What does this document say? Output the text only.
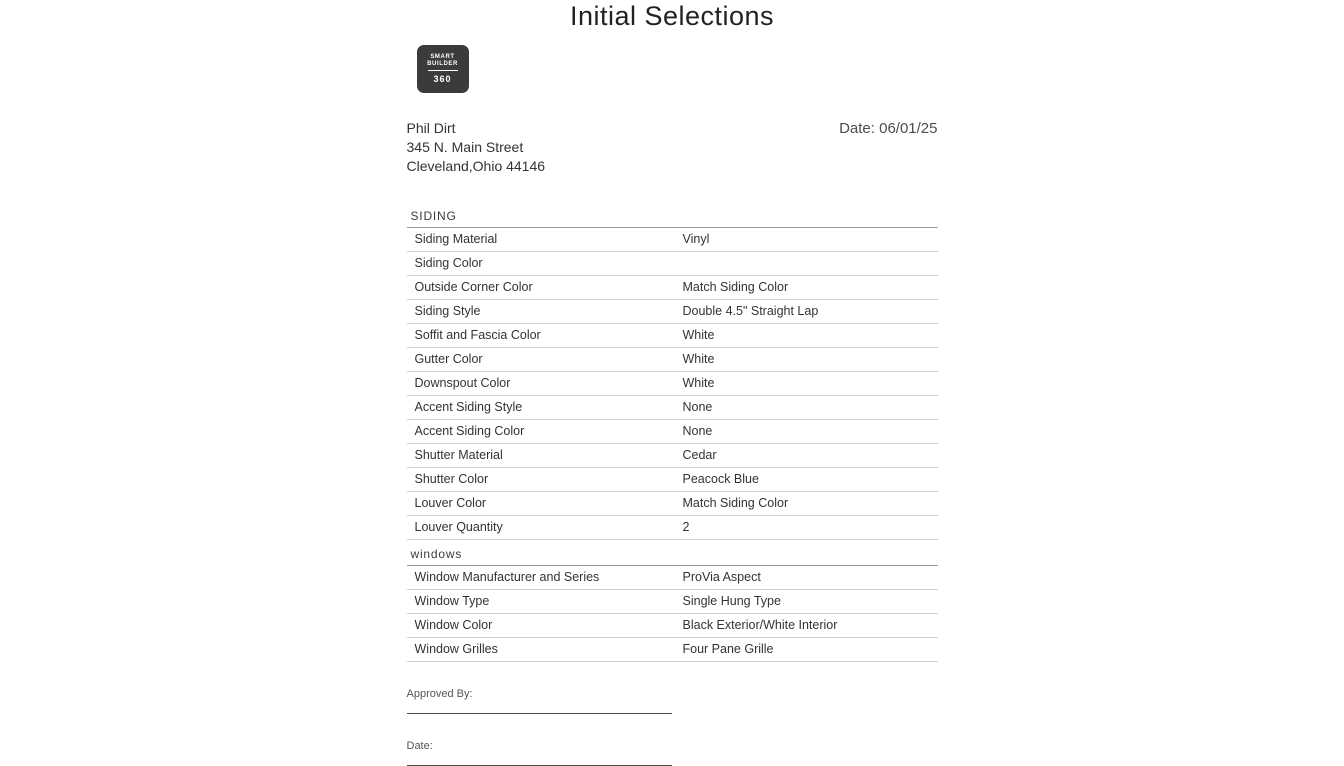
Initial Selections
SMART
BUILDER
360
Phil Dirt
345 N. Main Street
Cleveland,Ohio 44146
Date: 06/01/25
SIDING
Siding Material	Vinyl
Siding Color
Outside Corner Color	Match Siding Color
Siding Style	Double 4.5" Straight Lap
Soffit and Fascia Color	White
Gutter Color	White
Downspout Color	White
Accent Siding Style	None
Accent Siding Color	None
Shutter Material	Cedar
Shutter Color	Peacock Blue
Louver Color	Match Siding Color
Louver Quantity	2
windows
Window Manufacturer and Series	ProVia Aspect
Window Type	Single Hung Type
Window Color	Black Exterior/White Interior
Window Grilles	Four Pane Grille
Approved By:
Date:
